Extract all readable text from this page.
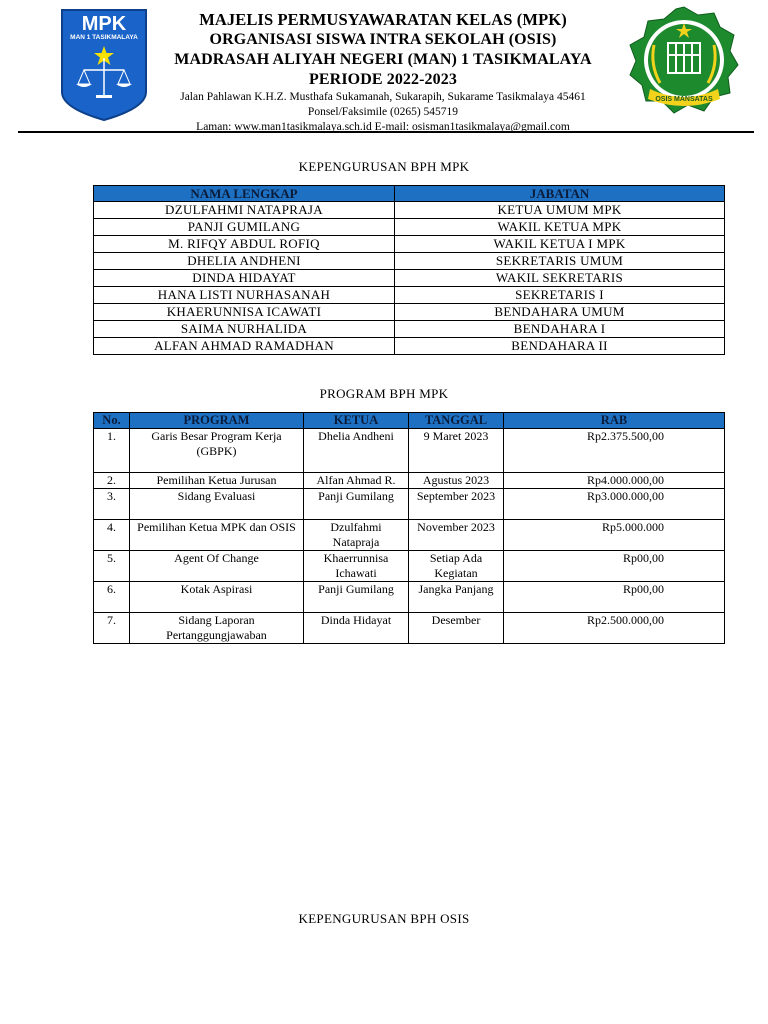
MPK
MAN 1 TASIKMALAYA
MAJELIS PERMUSYAWARATAN KELAS (MPK)
ORGANISASI SISWA INTRA SEKOLAH (OSIS)
MADRASAH ALIYAH NEGERI (MAN) 1 TASIKMALAYA
PERIODE 2022-2023
Jalan Pahlawan K.H.Z. Musthafa Sukamanah, Sukarapih, Sukarame Tasikmalaya 45461
Ponsel/Faksimile (0265) 545719
Laman: www.man1tasikmalaya.sch.id E-mail: osisman1tasikmalaya@gmail.com
OSIS MANSATAS
KEPENGURUSAN BPH MPK
NAMA LENGKAP	JABATAN
DZULFAHMI NATAPRAJA	KETUA UMUM MPK
PANJI GUMILANG	WAKIL KETUA MPK
M. RIFQY ABDUL ROFIQ	WAKIL KETUA I MPK
DHELIA ANDHENI	SEKRETARIS UMUM
DINDA HIDAYAT	WAKIL SEKRETARIS
HANA LISTI NURHASANAH	SEKRETARIS I
KHAERUNNISA ICAWATI	BENDAHARA UMUM
SAIMA NURHALIDA	BENDAHARA I
ALFAN AHMAD RAMADHAN	BENDAHARA II
PROGRAM BPH MPK
No.	PROGRAM	KETUA	TANGGAL	RAB
1.	Garis Besar Program Kerja (GBPK)	Dhelia Andheni	9 Maret 2023	Rp2.375.500,00
2.	Pemilihan Ketua Jurusan	Alfan Ahmad R.	Agustus 2023	Rp4.000.000,00
3.	Sidang Evaluasi	Panji Gumilang	September 2023	Rp3.000.000,00
4.	Pemilihan Ketua MPK dan OSIS	Dzulfahmi Natapraja	November 2023	Rp5.000.000
5.	Agent Of Change	Khaerrunnisa Ichawati	Setiap Ada Kegiatan	Rp00,00
6.	Kotak Aspirasi	Panji Gumilang	Jangka Panjang	Rp00,00
7.	Sidang Laporan Pertanggungjawaban	Dinda Hidayat	Desember	Rp2.500.000,00
KEPENGURUSAN BPH OSIS
